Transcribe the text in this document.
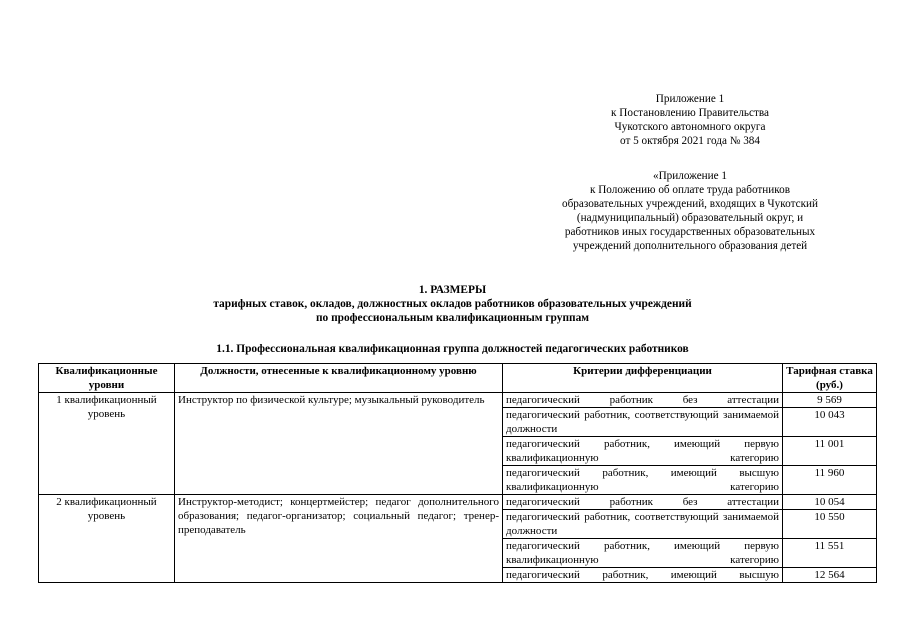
Приложение 1
к Постановлению Правительства
Чукотского автономного округа
от 5 октября 2021 года № 384
«Приложение 1
к Положению об оплате труда работников
образовательных учреждений, входящих в Чукотский
(надмуниципальный) образовательный округ, и
работников иных государственных образовательных
учреждений дополнительного образования детей
1. РАЗМЕРЫ
тарифных ставок, окладов, должностных окладов работников образовательных учреждений
по профессиональным квалификационным группам
1.1. Профессиональная квалификационная группа должностей педагогических работников
Квалификационные уровни	Должности, отнесенные к квалификационному уровню	Критерии дифференциации	Тарифная ставка (руб.)
1 квалификационный уровень	Инструктор по физической культуре; музыкальный руководитель	педагогический работник без аттестации	9 569
		педагогический работник, соответствующий занимаемой должности	10 043
		педагогический работник, имеющий первую квалификационную категорию	11 001
		педагогический работник, имеющий высшую квалификационную категорию	11 960
2 квалификационный уровень	Инструктор-методист; концертмейстер; педагог дополнительного образования; педагог-организатор; социальный педагог; тренер-преподаватель	педагогический работник без аттестации	10 054
		педагогический работник, соответствующий занимаемой должности	10 550
		педагогический работник, имеющий первую квалификационную категорию	11 551
		педагогический работник, имеющий высшую	12 564
